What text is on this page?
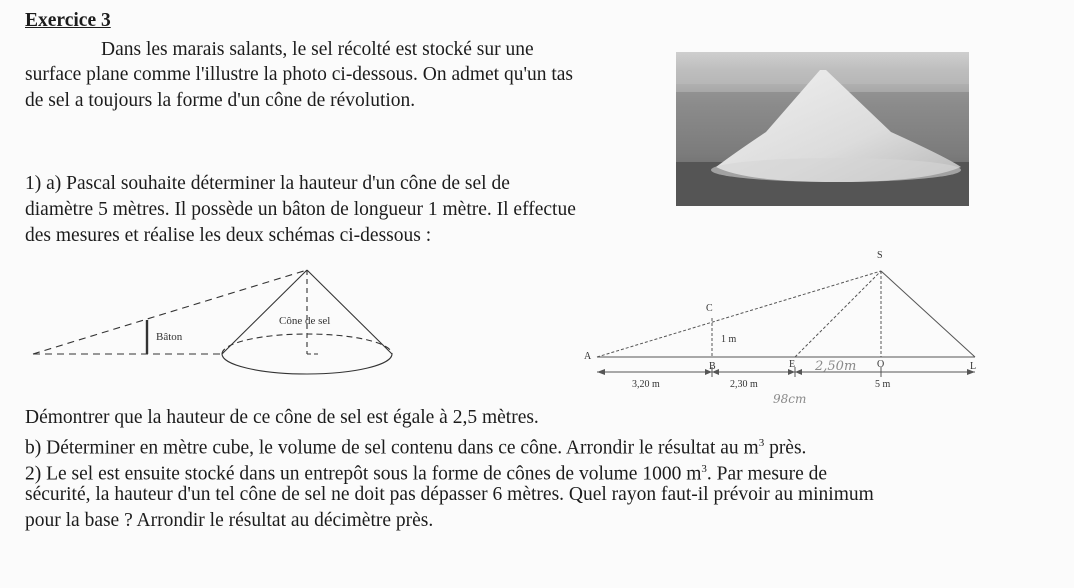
Exercice 3
Dans les marais salants, le sel récolté est stocké sur une
surface plane comme l'illustre la photo ci-dessous. On admet qu'un tas
de sel a toujours la forme d'un cône de révolution.
1) a) Pascal souhaite déterminer la hauteur d'un cône de sel de
diamètre 5 mètres. Il possède un bâton de longueur 1 mètre. Il effectue
des mesures et réalise les deux schémas ci-dessous :
Bâton
Cône de sel
S
C
A
B	E	O	L
1 m
3,20 m	2,30 m	5 m
2,50m
98cm
Démontrer que la hauteur de ce cône de sel est égale à 2,5 mètres.
b) Déterminer en mètre cube, le volume de sel contenu dans ce cône. Arrondir le résultat au $m^3$ près.
2) Le sel est ensuite stocké dans un entrepôt sous la forme de cônes de volume 1000 $m^3$. Par mesure de
sécurité, la hauteur d'un tel cône de sel ne doit pas dépasser 6 mètres. Quel rayon faut-il prévoir au minimum
pour la base ? Arrondir le résultat au décimètre près.
